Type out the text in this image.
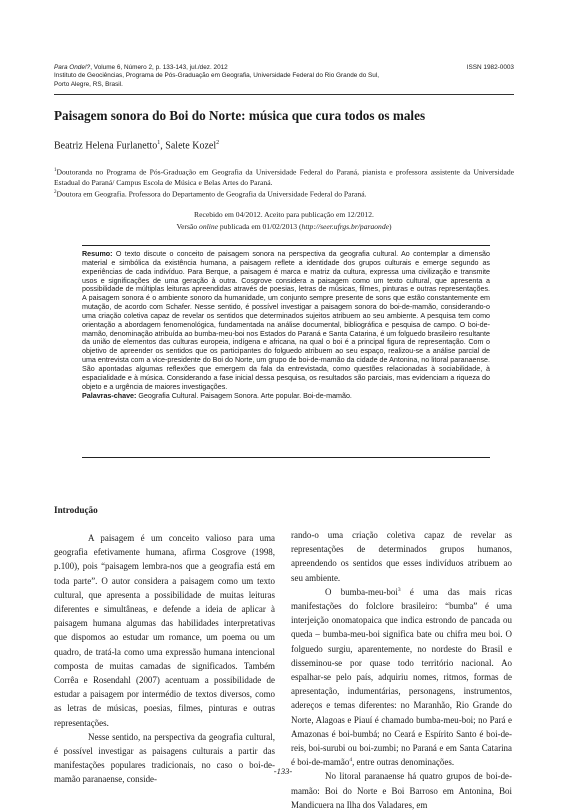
Para Onde!?, Volume 6, Número 2, p. 133-143, jul./dez. 2012	ISSN 1982-0003
Instituto de Geociências, Programa de Pós-Graduação em Geografia, Universidade Federal do Rio Grande do Sul,
Porto Alegre, RS, Brasil.
Paisagem sonora do Boi do Norte: música que cura todos os males
Beatriz Helena Furlanetto$^1$, Salete Kozel$^2$

$^1$Doutoranda no Programa de Pós-Graduação em Geografia da Universidade Federal do Paraná, pianista e professora assistente da Universidade Estadual do Paraná/ Campus Escola de Música e Belas Artes do Paraná.

$^2$Doutora em Geografia. Professora do Departamento de Geografia da Universidade Federal do Paraná.

Recebido em 04/2012. Aceito para publicação em 12/2012.
Versão online publicada em 01/02/2013 (http://seer.ufrgs.br/paraonde)

Resumo: O texto discute o conceito de paisagem sonora na perspectiva da geografia cultural. Ao contemplar a dimensão material e simbólica da existência humana, a paisagem reflete a identidade dos grupos culturais e emerge segundo as experiências de cada indivíduo. Para Berque, a paisagem é marca e matriz da cultura, expressa uma civilização e transmite usos e significações de uma geração à outra. Cosgrove considera a paisagem como um texto cultural, que apresenta a possibilidade de múltiplas leituras apreendidas através de poesias, letras de músicas, filmes, pinturas e outras representações. A paisagem sonora é o ambiente sonoro da humanidade, um conjunto sempre presente de sons que estão constantemente em mutação, de acordo com Schafer. Nesse sentido, é possível investigar a paisagem sonora do boi-de-mamão, considerando-o uma criação coletiva capaz de revelar os sentidos que determinados sujeitos atribuem ao seu ambiente. A pesquisa tem como orientação a abordagem fenomenológica, fundamentada na análise documental, bibliográfica e pesquisa de campo. O boi-de-mamão, denominação atribuída ao bumba-meu-boi nos Estados do Paraná e Santa Catarina, é um folguedo brasileiro resultante da união de elementos das culturas europeia, indígena e africana, na qual o boi é a principal figura de representação. Com o objetivo de apreender os sentidos que os participantes do folguedo atribuem ao seu espaço, realizou-se a análise parcial de uma entrevista com a vice-presidente do Boi do Norte, um grupo de boi-de-mamão da cidade de Antonina, no litoral paranaense. São apontadas algumas reflexões que emergem da fala da entrevistada, como questões relacionadas à sociabilidade, à espacialidade e à música. Considerando a fase inicial dessa pesquisa, os resultados são parciais, mas evidenciam a riqueza do objeto e a urgência de maiores investigações.

Palavras-chave: Geografia Cultural. Paisagem Sonora. Arte popular. Boi-de-mamão.

Introdução

A paisagem é um conceito valioso para uma geografia efetivamente humana, afirma Cosgrove (1998, p.100), pois “paisagem lembra-nos que a geografia está em toda parte”. O autor considera a paisagem como um texto cultural, que apresenta a possibilidade de muitas leituras diferentes e simultâneas, e defende a ideia de aplicar à paisagem humana algumas das habilidades interpretativas que dispomos ao estudar um romance, um poema ou um quadro, de tratá-la como uma expressão humana intencional composta de muitas camadas de significados. Também Corrêa e Rosendahl (2007) acentuam a possibilidade de estudar a paisagem por intermédio de textos diversos, como as letras de músicas, poesias, filmes, pinturas e outras representações.

Nesse sentido, na perspectiva da geografia cultural, é possível investigar as paisagens culturais a partir das manifestações populares tradicionais, no caso o boi-de-mamão paranaense, conside-

rando-o uma criação coletiva capaz de revelar as representações de determinados grupos humanos, apreendendo os sentidos que esses indivíduos atribuem ao seu ambiente.

O bumba-meu-boi$^3$ é uma das mais ricas manifestações do folclore brasileiro: “bumba” é uma interjeição onomatopaica que indica estrondo de pancada ou queda – bumba-meu-boi significa bate ou chifra meu boi. O folguedo surgiu, aparentemente, no nordeste do Brasil e disseminou-se por quase todo território nacional. Ao espalhar-se pelo país, adquiriu nomes, ritmos, formas de apresentação, indumentárias, personagens, instrumentos, adereços e temas diferentes: no Maranhão, Rio Grande do Norte, Alagoas e Piauí é chamado bumba-meu-boi; no Pará e Amazonas é boi-bumbá; no Ceará e Espírito Santo é boi-de-reis, boi-surubi ou boi-zumbi; no Paraná e em Santa Catarina é boi-de-mamão$^4$, entre outras denominações.

No litoral paranaense há quatro grupos de boi-de-mamão: Boi do Norte e Boi Barroso em Antonina, Boi Mandicuera na Ilha dos Valadares, em

-133-
